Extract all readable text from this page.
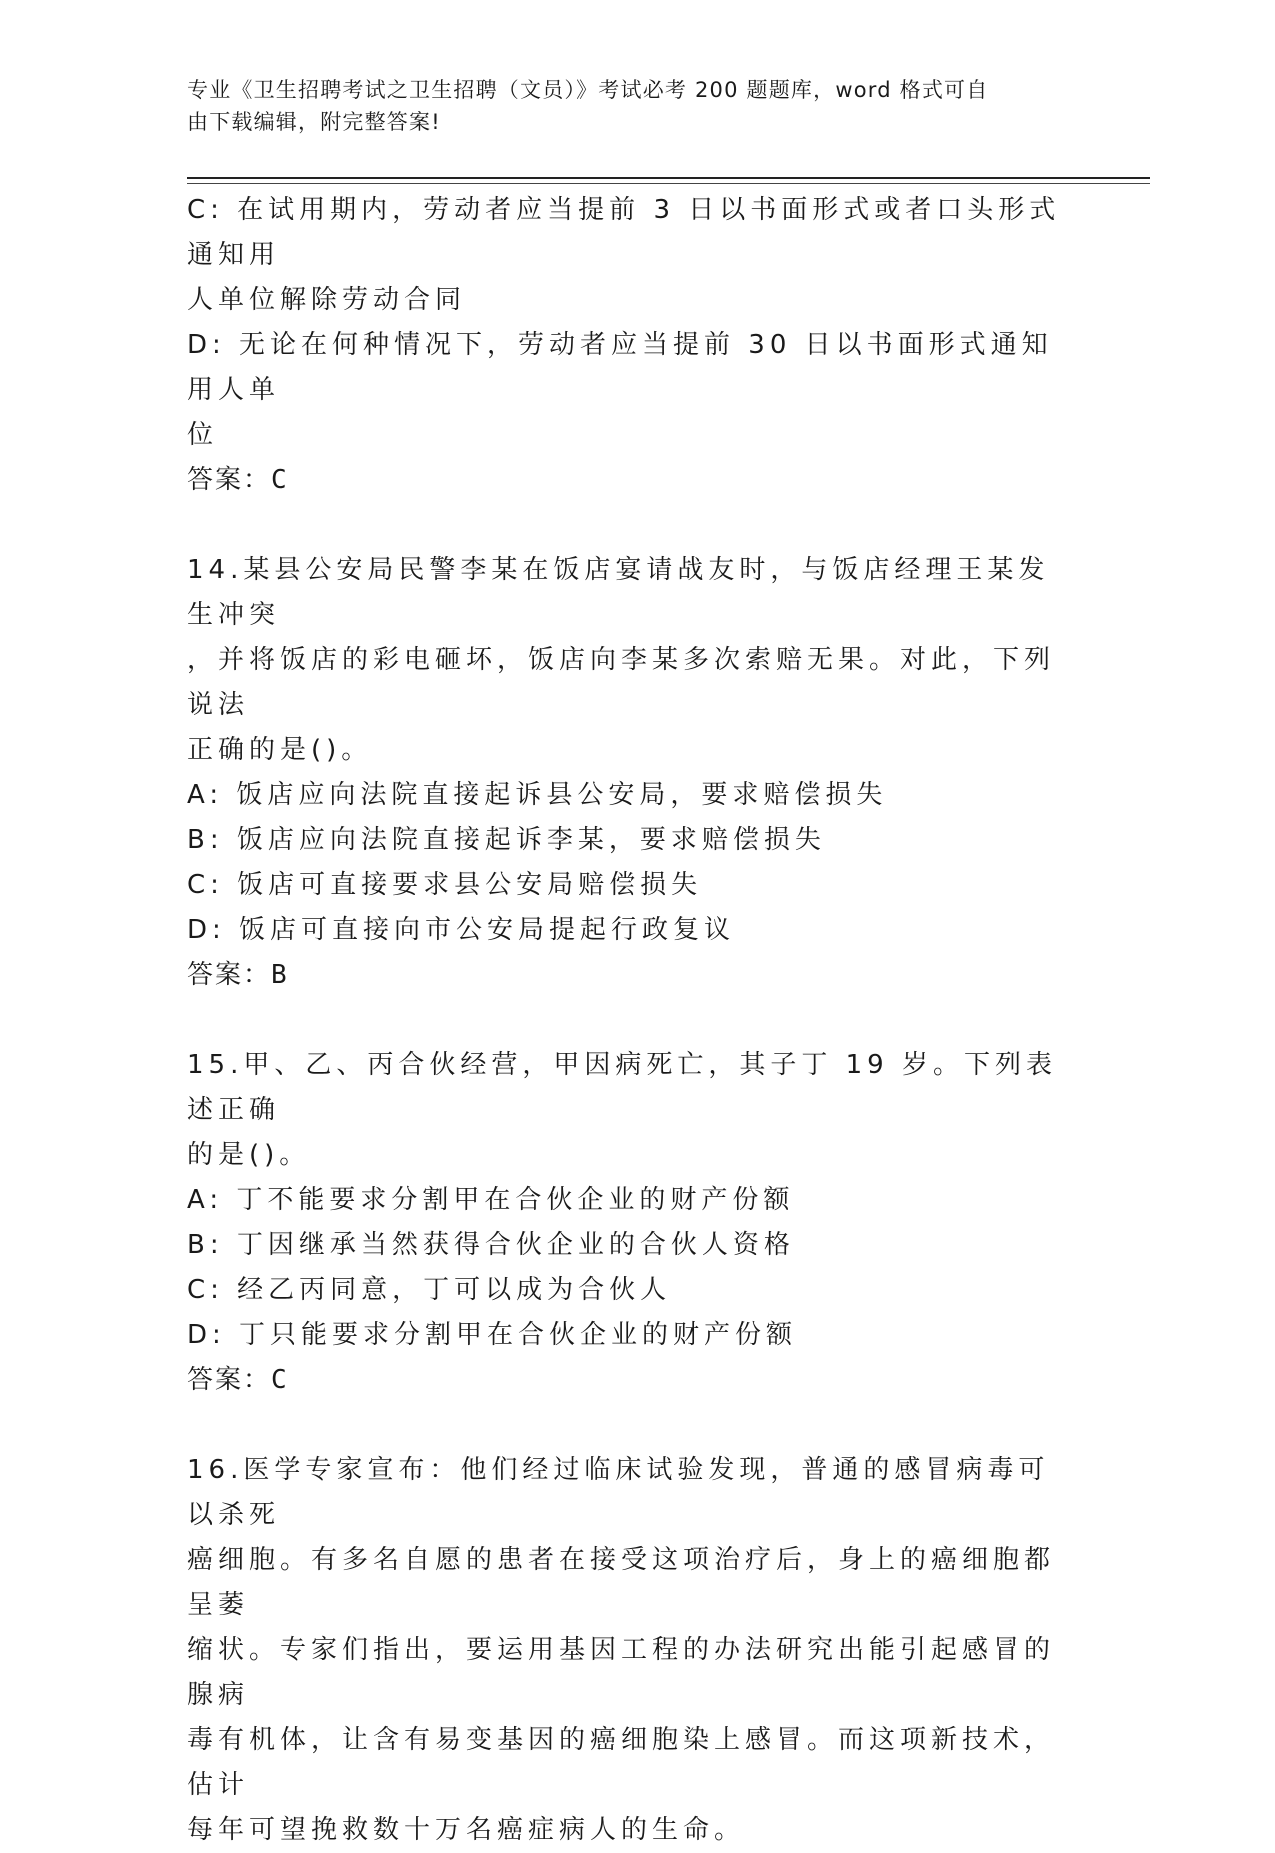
专业《卫生招聘考试之卫生招聘（文员）》考试必考 200 题题库，word 格式可自
由下载编辑，附完整答案!

C: 在试用期内，劳动者应当提前 3 日以书面形式或者口头形式通知用

人单位解除劳动合同

D: 无论在何种情况下，劳动者应当提前 30 日以书面形式通知用人单

位

答案：C

14.某县公安局民警李某在饭店宴请战友时，与饭店经理王某发生冲突

，并将饭店的彩电砸坏，饭店向李某多次索赔无果。对此，下列说法

正确的是()。

A: 饭店应向法院直接起诉县公安局，要求赔偿损失

B: 饭店应向法院直接起诉李某，要求赔偿损失

C: 饭店可直接要求县公安局赔偿损失

D: 饭店可直接向市公安局提起行政复议

答案：B

15.甲、乙、丙合伙经营，甲因病死亡，其子丁 19 岁。下列表述正确

的是()。

A: 丁不能要求分割甲在合伙企业的财产份额

B: 丁因继承当然获得合伙企业的合伙人资格

C: 经乙丙同意，丁可以成为合伙人

D: 丁只能要求分割甲在合伙企业的财产份额

答案：C

16.医学专家宣布：他们经过临床试验发现，普通的感冒病毒可以杀死

癌细胞。有多名自愿的患者在接受这项治疗后，身上的癌细胞都呈萎

缩状。专家们指出，要运用基因工程的办法研究出能引起感冒的腺病

毒有机体，让含有易变基因的癌细胞染上感冒。而这项新技术，估计

每年可望挽救数十万名癌症病人的生命。
